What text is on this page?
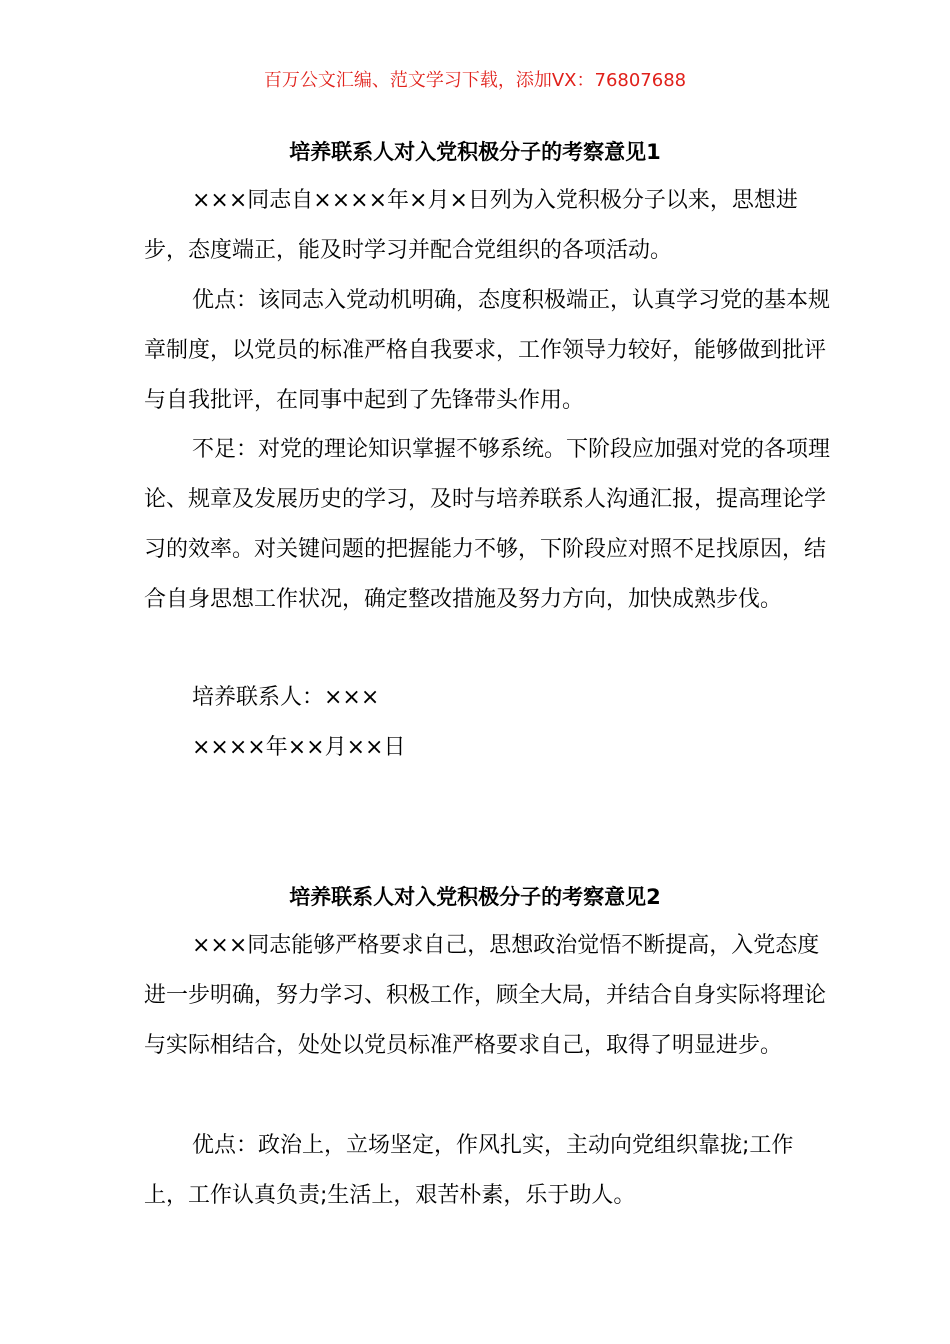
百万公文汇编、范文学习下载，添加VX：76807688
培养联系人对入党积极分子的考察意见1

×××同志自××××年×月×日列为入党积极分子以来，思想进步，态度端正，能及时学习并配合党组织的各项活动。

优点：该同志入党动机明确，态度积极端正，认真学习党的基本规章制度，以党员的标准严格自我要求，工作领导力较好，能够做到批评与自我批评，在同事中起到了先锋带头作用。

不足：对党的理论知识掌握不够系统。下阶段应加强对党的各项理论、规章及发展历史的学习，及时与培养联系人沟通汇报，提高理论学习的效率。对关键问题的把握能力不够，下阶段应对照不足找原因，结合自身思想工作状况，确定整改措施及努力方向，加快成熟步伐。

培养联系人：×××

××××年××月××日

培养联系人对入党积极分子的考察意见2

×××同志能够严格要求自己，思想政治觉悟不断提高，入党态度进一步明确，努力学习、积极工作，顾全大局，并结合自身实际将理论与实际相结合，处处以党员标准严格要求自己，取得了明显进步。

优点：政治上，立场坚定，作风扎实，主动向党组织靠拢;工作上，工作认真负责;生活上，艰苦朴素，乐于助人。
